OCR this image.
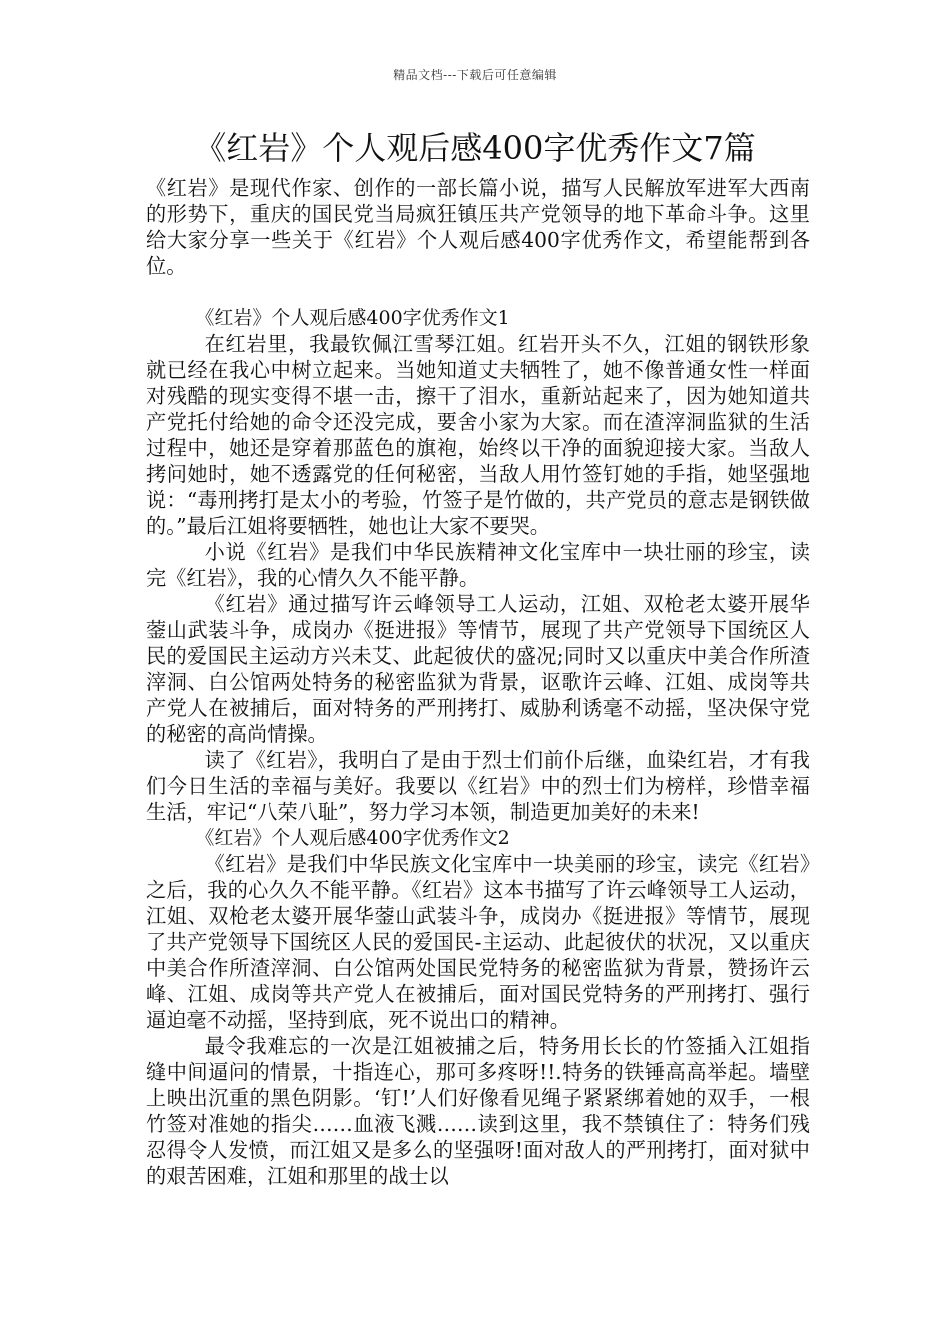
精品文档---下载后可任意编辑
《红岩》个人观后感400字优秀作文7篇

《红岩》是现代作家、创作的一部长篇小说，描写人民解放军进军大西南的形势下，重庆的国民党当局疯狂镇压共产党领导的地下革命斗争。这里给大家分享一些关于《红岩》个人观后感400字优秀作文，希望能帮到各位。

《红岩》个人观后感400字优秀作文1

在红岩里，我最钦佩江雪琴江姐。红岩开头不久，江姐的钢铁形象就已经在我心中树立起来。当她知道丈夫牺牲了，她不像普通女性一样面对残酷的现实变得不堪一击，擦干了泪水，重新站起来了，因为她知道共产党托付给她的命令还没完成，要舍小家为大家。而在渣滓洞监狱的生活过程中，她还是穿着那蓝色的旗袍，始终以干净的面貌迎接大家。当敌人拷问她时，她不透露党的任何秘密，当敌人用竹签钉她的手指，她坚强地说：“毒刑拷打是太小的考验，竹签子是竹做的，共产党员的意志是钢铁做的。”最后江姐将要牺牲，她也让大家不要哭。

小说《红岩》是我们中华民族精神文化宝库中一块壮丽的珍宝，读完《红岩》，我的心情久久不能平静。

《红岩》通过描写许云峰领导工人运动，江姐、双枪老太婆开展华蓥山武装斗争，成岗办《挺进报》等情节，展现了共产党领导下国统区人民的爱国民主运动方兴未艾、此起彼伏的盛况;同时又以重庆中美合作所渣滓洞、白公馆两处特务的秘密监狱为背景，讴歌许云峰、江姐、成岗等共产党人在被捕后，面对特务的严刑拷打、威胁利诱毫不动摇，坚决保守党的秘密的高尚情操。

读了《红岩》，我明白了是由于烈士们前仆后继，血染红岩，才有我们今日生活的幸福与美好。我要以《红岩》中的烈士们为榜样，珍惜幸福生活，牢记“八荣八耻”，努力学习本领，制造更加美好的未来!

《红岩》个人观后感400字优秀作文2

《红岩》是我们中华民族文化宝库中一块美丽的珍宝，读完《红岩》之后，我的心久久不能平静。《红岩》这本书描写了许云峰领导工人运动，江姐、双枪老太婆开展华蓥山武装斗争，成岗办《挺进报》等情节，展现了共产党领导下国统区人民的爱国民-主运动、此起彼伏的状况，又以重庆中美合作所渣滓洞、白公馆两处国民党特务的秘密监狱为背景，赞扬许云峰、江姐、成岗等共产党人在被捕后，面对国民党特务的严刑拷打、强行逼迫毫不动摇，坚持到底，死不说出口的精神。

最令我难忘的一次是江姐被捕之后，特务用长长的竹签插入江姐指缝中间逼问的情景，十指连心，那可多疼呀!!.特务的铁锤高高举起。墙壁上映出沉重的黑色阴影。‘钉!’人们好像看见绳子紧紧绑着她的双手，一根竹签对准她的指尖……血液飞溅……读到这里，我不禁镇住了：特务们残忍得令人发愤，而江姐又是多么的坚强呀!面对敌人的严刑拷打，面对狱中的艰苦困难，江姐和那里的战士以
